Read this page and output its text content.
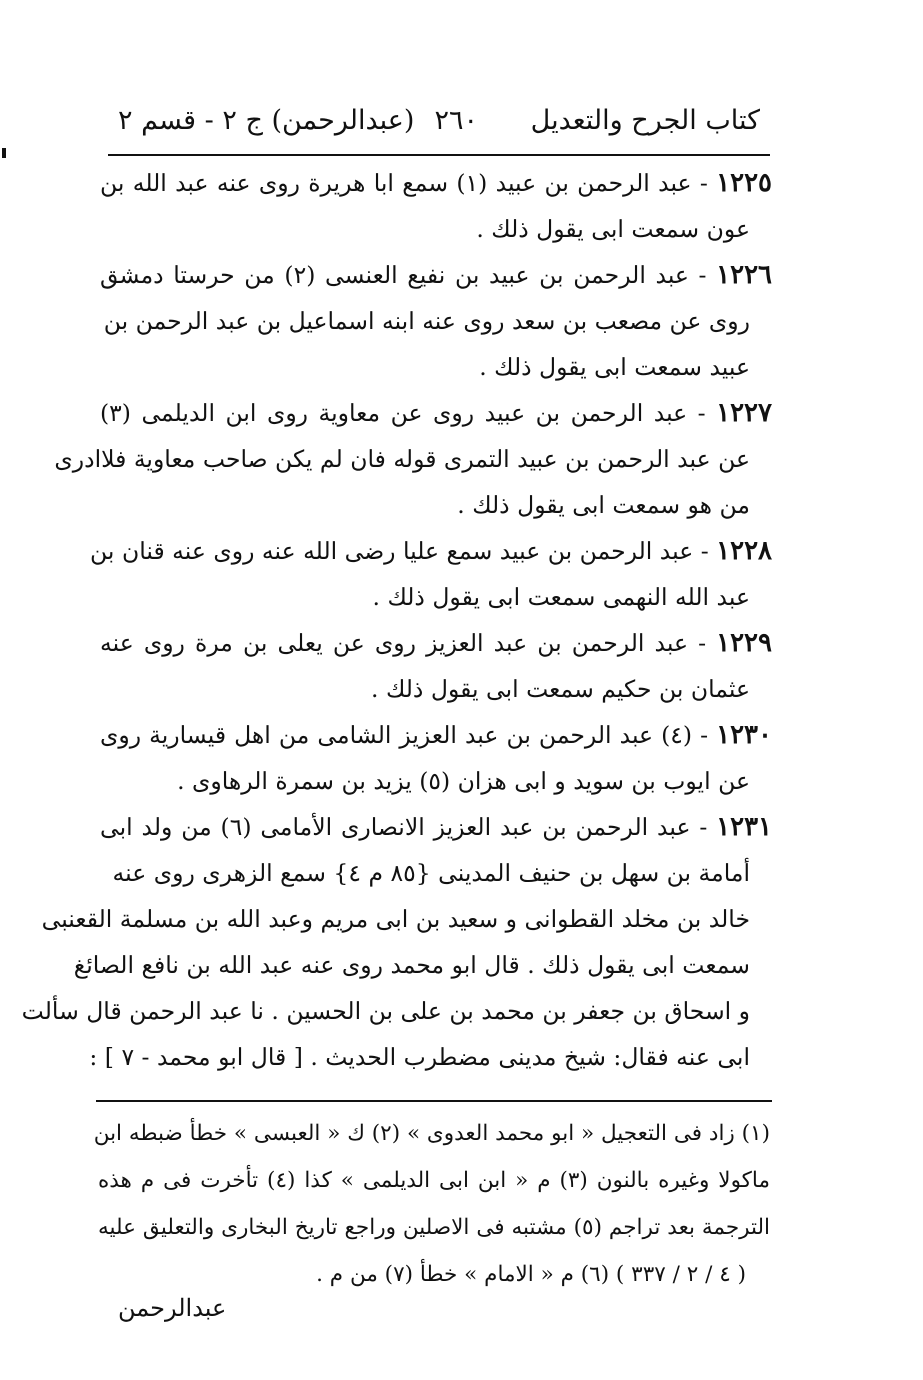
كتاب الجرح والتعديل
٢٦٠
(عبدالرحمن) ج ٢ - قسم ٢
١٢٢٥ - عبد الرحمن بن عبيد (١) سمع ابا هريرة روى عنه عبد الله بن
عون سمعت ابى يقول ذلك .
١٢٢٦ - عبد الرحمن بن عبيد بن نفيع العنسى (٢) من حرستا دمشق
روى عن مصعب بن سعد روى عنه ابنه اسماعيل بن عبد الرحمن بن
عبيد سمعت ابى يقول ذلك .
١٢٢٧ - عبد الرحمن بن عبيد روى عن معاوية روى ابن الديلمى (٣)
عن عبد الرحمن بن عبيد التمرى قوله فان لم يكن صاحب معاوية فلاادرى
من هو سمعت ابى يقول ذلك .
١٢٢٨ - عبد الرحمن بن عبيد سمع عليا رضى الله عنه روى عنه قنان بن
عبد الله النهمى سمعت ابى يقول ذلك .
١٢٢٩ - عبد الرحمن بن عبد العزيز روى عن يعلى بن مرة روى عنه
عثمان بن حكيم سمعت ابى يقول ذلك .
١٢٣٠ - (٤) عبد الرحمن بن عبد العزيز الشامى من اهل قيسارية روى
عن ايوب بن سويد و ابى هزان (٥) يزيد بن سمرة الرهاوى .
١٢٣١ - عبد الرحمن بن عبد العزيز الانصارى الأمامى (٦) من ولد ابى
أمامة بن سهل بن حنيف المدينى {٨٥ م ٤} سمع الزهرى روى عنه
خالد بن مخلد القطوانى و سعيد بن ابى مريم وعبد الله بن مسلمة القعنبى
سمعت ابى يقول ذلك . قال ابو محمد روى عنه عبد الله بن نافع الصائغ
و اسحاق بن جعفر بن محمد بن على بن الحسين . نا عبد الرحمن قال سألت
ابى عنه فقال: شيخ مدينى مضطرب الحديث . [ قال ابو محمد - ٧ ] :
(١) زاد فى التعجيل « ابو محمد العدوى » (٢) ك « العبسى » خطأ ضبطه ابن
ماكولا وغيره بالنون (٣) م « ابن ابى الديلمى » كذا (٤) تأخرت فى م هذه
الترجمة بعد تراجم (٥) مشتبه فى الاصلين وراجع تاريخ البخارى والتعليق عليه
( ٤ / ٢ / ٣٣٧ ) (٦) م « الامام » خطأ (٧) من م .
عبدالرحمن
